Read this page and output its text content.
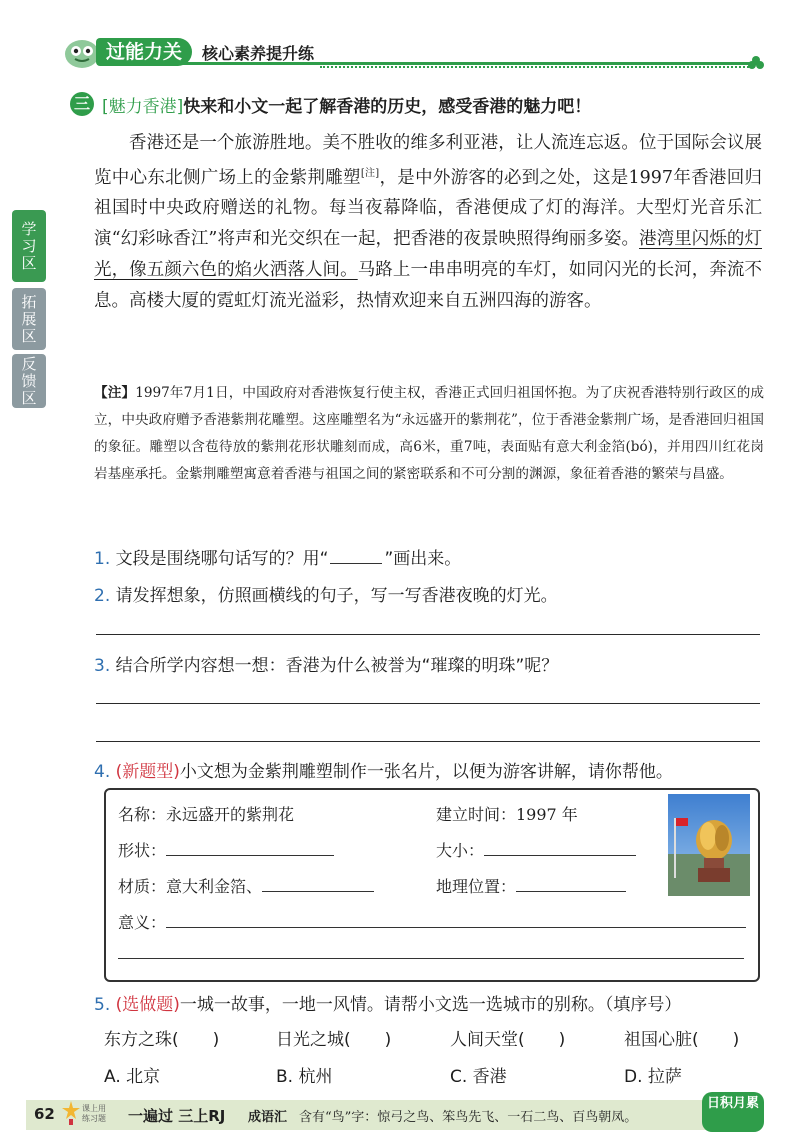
过能力关	核心素养提升练
学习区
拓展区
反馈区
三 [魅力香港]快来和小文一起了解香港的历史，感受香港的魅力吧！

香港还是一个旅游胜地。美不胜收的维多利亚港，让人流连忘返。位于国际会议展览中心东北侧广场上的金紫荆雕塑[注]，是中外游客的必到之处，这是1997年香港回归祖国时中央政府赠送的礼物。每当夜幕降临，香港便成了灯的海洋。大型灯光音乐汇演“幻彩咏香江”将声和光交织在一起，把香港的夜景映照得绚丽多姿。港湾里闪烁的灯光，像五颜六色的焰火洒落人间。马路上一串串明亮的车灯，如同闪光的长河，奔流不息。高楼大厦的霓虹灯流光溢彩，热情欢迎来自五洲四海的游客。

【注】1997年7月1日，中国政府对香港恢复行使主权，香港正式回归祖国怀抱。为了庆祝香港特别行政区的成立，中央政府赠予香港紫荆花雕塑。这座雕塑名为“永远盛开的紫荆花”，位于香港金紫荆广场，是香港回归祖国的象征。雕塑以含苞待放的紫荆花形状雕刻而成，高6米，重7吨，表面贴有意大利金箔(bó)，并用四川红花岗岩基座承托。金紫荆雕塑寓意着香港与祖国之间的紧密联系和不可分割的渊源，象征着香港的繁荣与昌盛。
1. 文段是围绕哪句话写的？用“	”画出来。
2. 请发挥想象，仿照画横线的句子，写一写香港夜晚的灯光。
3. 结合所学内容想一想：香港为什么被誉为“璀璨的明珠”呢？
4. (新题型)小文想为金紫荆雕塑制作一张名片，以便为游客讲解，请你帮他。
名称：永远盛开的紫荆花	建立时间：1997 年
形状：	大小：
材质：意大利金箔、	地理位置：
意义：
5. (选做题)一城一故事，一地一风情。请帮小文选一选城市的别称。（填序号）
东方之珠(　　)	日光之城(　　)	人间天堂(　　)	祖国心脏(　　)
A. 北京	B. 杭州	C. 香港	D. 拉萨
62	课上用
练习题 一遍过 三上RJ 成语汇 含有“鸟”字：惊弓之鸟、笨鸟先飞、一石二鸟、百鸟朝凤。
日积月累
